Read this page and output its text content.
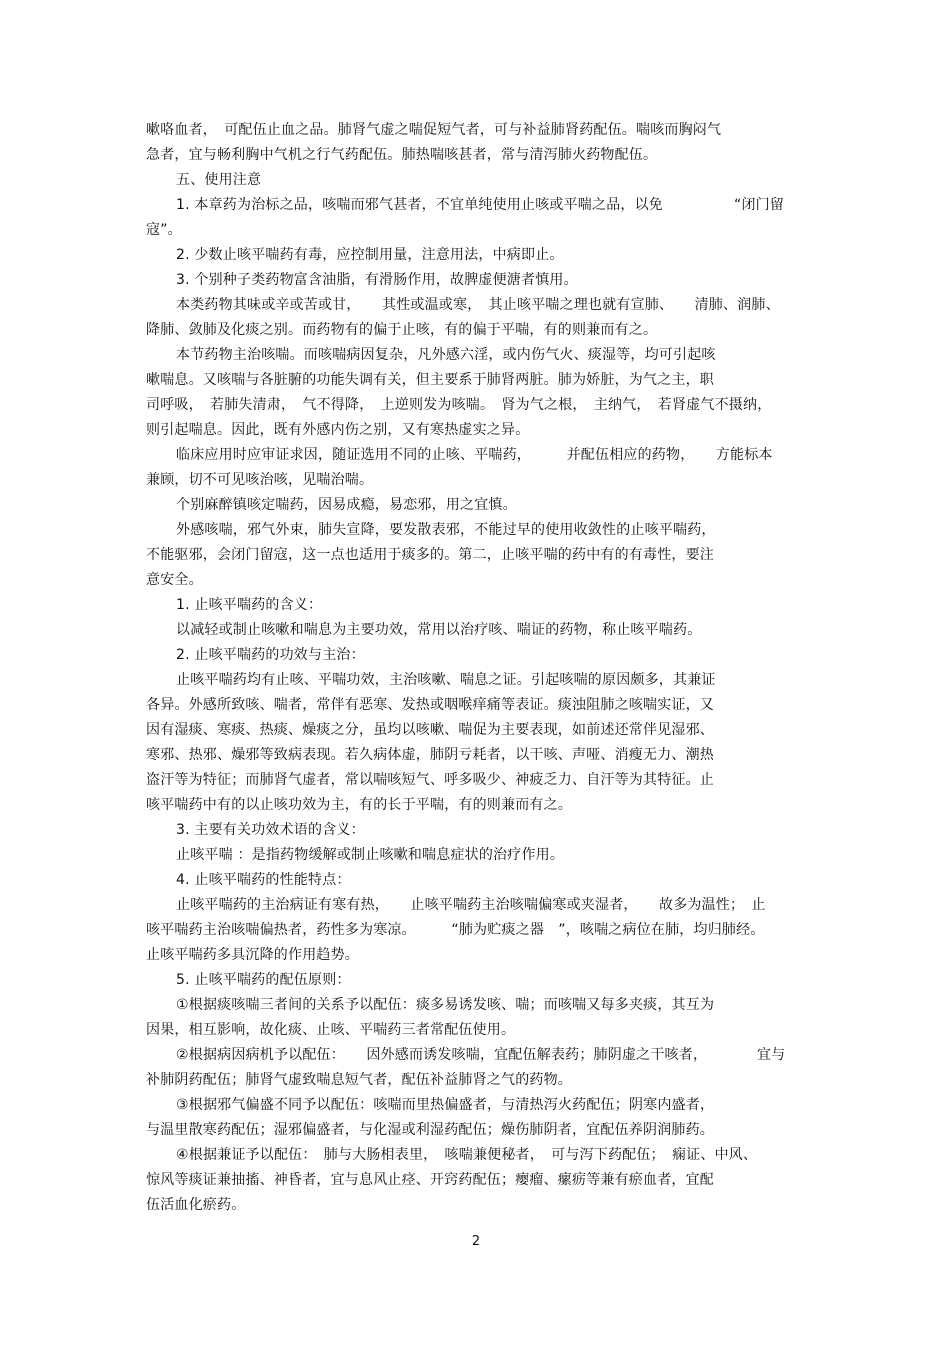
嗽咯血者，　可配伍止血之品。肺肾气虚之喘促短气者，可与补益肺肾药配伍。喘咳而胸闷气
急者，宜与畅利胸中气机之行气药配伍。肺热喘咳甚者，常与清泻肺火药物配伍。
五、使用注意
1. 本章药为治标之品，咳喘而邪气甚者，不宜单纯使用止咳或平喘之品，以免　　　　　“闭门留
寇”。
2. 少数止咳平喘药有毒，应控制用量，注意用法，中病即止。
3. 个别种子类药物富含油脂，有滑肠作用，故脾虚便溏者慎用。
本类药物其味或辛或苦或甘，　　其性或温或寒，　其止咳平喘之理也就有宣肺、　　清肺、润肺、
降肺、敛肺及化痰之别。而药物有的偏于止咳，有的偏于平喘，有的则兼而有之。
本节药物主治咳喘。而咳喘病因复杂，凡外感六淫，或内伤气火、痰湿等，均可引起咳
嗽喘息。又咳喘与各脏腑的功能失调有关，但主要系于肺肾两脏。肺为娇脏，为气之主，职
司呼吸，　若肺失清肃，　气不得降，　上逆则发为咳喘。　肾为气之根，　主纳气，　若肾虚气不摄纳，
则引起喘息。因此，既有外感内伤之别，又有寒热虚实之异。
临床应用时应审证求因，随证选用不同的止咳、平喘药，　　　并配伍相应的药物，　　方能标本
兼顾，切不可见咳治咳，见喘治喘。
个别麻醉镇咳定喘药，因易成瘾，易恋邪，用之宜慎。
外感咳喘，邪气外束，肺失宣降，要发散表邪，不能过早的使用收敛性的止咳平喘药，
不能驱邪，会闭门留寇，这一点也适用于痰多的。第二，止咳平喘的药中有的有毒性，要注
意安全。
1. 止咳平喘药的含义：
以减轻或制止咳嗽和喘息为主要功效，常用以治疗咳、喘证的药物，称止咳平喘药。
2. 止咳平喘药的功效与主治：
止咳平喘药均有止咳、平喘功效，主治咳嗽、喘息之证。引起咳喘的原因颇多，其兼证
各异。外感所致咳、喘者，常伴有恶寒、发热或咽喉痒痛等表证。痰浊阻肺之咳喘实证，又
因有湿痰、寒痰、热痰、燥痰之分，虽均以咳嗽、喘促为主要表现，如前述还常伴见湿邪、
寒邪、热邪、燥邪等致病表现。若久病体虚，肺阴亏耗者，以干咳、声哑、消瘦无力、潮热
盗汗等为特征；而肺肾气虚者，常以喘咳短气、呼多吸少、神疲乏力、自汗等为其特征。止
咳平喘药中有的以止咳功效为主，有的长于平喘，有的则兼而有之。
3. 主要有关功效术语的含义：
止咳平喘 ：是指药物缓解或制止咳嗽和喘息症状的治疗作用。
4. 止咳平喘药的性能特点：
止咳平喘药的主治病证有寒有热，　　止咳平喘药主治咳喘偏寒或夹湿者，　　故多为温性；　止
咳平喘药主治咳喘偏热者，药性多为寒凉。　　　“肺为贮痰之器　”，咳喘之病位在肺，均归肺经。
止咳平喘药多具沉降的作用趋势。
5. 止咳平喘药的配伍原则：
①根据痰咳喘三者间的关系予以配伍：痰多易诱发咳、喘；而咳喘又每多夹痰，其互为
因果，相互影响，故化痰、止咳、平喘药三者常配伍使用。
②根据病因病机予以配伍：　　因外感而诱发咳喘，宜配伍解表药；肺阴虚之干咳者，　　　　宜与
补肺阴药配伍；肺肾气虚致喘息短气者，配伍补益肺肾之气的药物。
③根据邪气偏盛不同予以配伍：咳喘而里热偏盛者，与清热泻火药配伍；阴寒内盛者，
与温里散寒药配伍；湿邪偏盛者，与化湿或利湿药配伍；燥伤肺阴者，宜配伍养阴润肺药。
④根据兼证予以配伍：　肺与大肠相表里，　咳喘兼便秘者，　可与泻下药配伍；　痫证、中风、
惊风等痰证兼抽搐、神昏者，宜与息风止痉、开窍药配伍；瘿瘤、瘰疬等兼有瘀血者，宜配
伍活血化瘀药。
2
